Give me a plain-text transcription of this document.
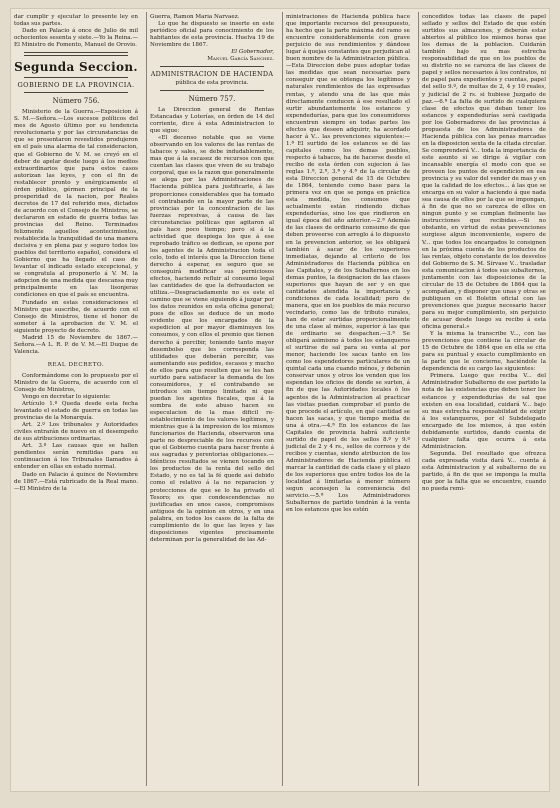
dar cumplir y ejecutar lo presente ley en todas sus partes.

Dado en Palacio á once de Julio de mil ochocientos sesenta y siete.—Yo la Reina.—El Ministro de Fomento, Manuel de Orovio.

Segunda Seccion.
GOBIERNO DE LA PROVINCIA.
Número 756.

Ministerio de la Guerra.—Exposicion á S. M.—Señora.—Los sucesos políticos del mes de Agosto último por su tendencia revolucionaria y por las circunstancias de que se presentaron revestidos produjeron en el país una alarma de tal consideracion, que el Gobierno de V. M. se creyó en el deber de apelar desde luego á los medios extraordinarios que para estos casos autorizan las leyes, y con el fin de restablecer pronto y enérgicamente el órden público, gérmen principal de la prosperidad de la nacion, por Reales decretos de 17 del referido mes, dictados de acuerdo con el Consejo de Ministros, se declararon en estado de guerra todas las provincias del Reino. Terminados felizmente aquellos acontecimientos, restablecida la tranquilidad de una manera decisiva y en plena paz y seguro todos los pueblos del territorio español, considera el Gobierno que ha llegado el caso de levantar el indicado estado excepcional, y se congratula al proponerlo á V. M. la adopcion de una medida que descansa muy principalmente en las lisonjeras condiciones en que el país se encuentra.

Fundado en estas consideraciones el Ministro que suscribe, de acuerdo con el Consejo de Ministros, tiene el honor de someter á la aprobacion de V. M. el siguiente proyecto de decreto.

Madrid 15 de Noviembre de 1867.—Señora.—A L. R. P. de V. M.—El Duque de Valencia.

REAL DECRETO.

Conformándome con lo propuesto por el Ministro de la Guerra, de acuerdo con el Consejo de Ministros,

Vengo en decretar lo siguiente:

Artículo 1.º Queda desde esta fecha levantado el estado de guerra en todas las provincias de la Monarquía.

Art. 2.º Los tribunales y Autoridades civiles entrarán de nuevo en el desempeño de sus atribuciones ordinarias.

Art. 3.º Las causas que se hallen pendientes serán remitidas para su continuacion á los Tribunales llamados á entender en ellas en estado normal.

Dado en Palacio á quince de Noviembre de 1867.—Está rubricado de la Real mano.—El Ministro de la

Guerra, Ramon María Narvaez.

Lo que he dispuesto se inserte en este periódico oficial para conocimiento de los habitantes de esta provincia. Huelva 19 de Noviembre de 1867.

El Gobernador,

Manuel García Sanchez.

ADMINISTRACION DE HACIENDA
pública de esta provincia.
Número 757.

La Direccion general de Rentas Estancadas y Loterías, en órden de 14 del corriente, dice á esta Administracion lo que sigue:

«El decenso notable que se viene observando en los valores de las rentas de tabacos y sales, se debe indudablemente, mas que á la escasez de recursos con que cuentan las clases que viven de su trabajo corporal, que es la razon que generalmente se alega por las Administraciones de Hacienda pública para justificarle, á las proporciones considerables que ha tomado el contrabando en la mayor parte de las provincias por la concentracion de las fuerzas represivas, á causa de las circunstancias políticas que agitaron al país hace poco tiempo; pero si á la actividad que despiega los que á ese reprobado tráfico se dedican, se opone por los agentes de la Administracion toda el celo, todo el interés que la Direccion tiene derecho á esperar, es seguro que se conseguirá modificar sus perniciosos efectos, haciendo refluir al consumo legal las cantidades de que la defraudacion se utiliza.—Desgraciadamente no es este el camino que se viene siguiendo á juzgar por los datos reunidos en esta oficina general; pues de ellos se deduce de un modo evidente que los encargados de la espedicion al por mayor disminuyen los consumos, y con ellos el premio que tienen derecho á percibir, teniendo tanto mayor desembolso que les corresponda las utilidades que deberán percibir, vas aumentando sus pedidos, escasos y mucho de ellos para que resulten que se les han surtido para satisfacer la demanda de los consumidores, y el contrabando se introduce sin tiempo limitado ni que puedan los agentes fiscales, que á la sombra de este abuso hacen su especulacion de la mas dificil re-establecimiento de los valores legítimos, y mientras que á la impresion de los mismos funcionarios de Hacienda, observaron una parte no despreciable de los recursos con que el Gobierno cuenta para hacer frente á sus sagradas y perentorias obligaciones.—Idénticos resultados se vienen tocando en los productos de la renta del sello del Estado, y no es tal la fé quede así debido como el relativo á la no reparacion y protecciones de que se lo ha privado el Tesoro; es que condescendencias no justificadas en unos casos, compromisos antiguos de la opinion en otros, y en una palabra, en todos los casos de la falta de cumplimiento de lo que las leyes y las disposiciones vigentes precisamente determinan por la generalidad de las Ad-

ministraciones de Hacienda pública hace que importante recursos del presupuesto, ha hecho que la parte máxima del ramo se encuentre considerablemente con grave perjuicio de sus rendimientos y dándose lugar á quejas constantes que perjudican al buen nombre de la Administracion pública.—Esta Direccion debe pues adoptar todas las medidas que sean necesarias para conseguir que se obtenga los legítimos y naturales rendimientos de las expresadas rentas, y atendo una de las que más directamente conducen á ese resultado el surtir abundantemente los estancos y expendedurías, para que los consumidores encuentren siempre en todas partes los efectos que deseen adquirir, ha acordado hacer á V... las prevenciones siguientes:—1.ª El surtido de los estancos se dé las capitales como los demas pueblos, respecto á tabacos, ha de hacerse desde el recibo de esta órden con sujecion á las reglas 1.ª, 2.ª, 3.ª y 4.ª de la circular de esta Direccion general de 15 de Octubre de 1864, teniendo como base para la primera vez en que se ponga en práctica esta medida, los consumos que actualmente están rindiendo dichas expendedurías, sino los que rindieron en igual época del año anterior.—2.ª Además de las clases de ordinario consumo de que deben proveerse con arreglo á lo dispuesto en la prevencion anterior, se les obligará también á sacar de los superiores inmediatas, dejando al criterio de los Administradores de Hacienda pública en las Capitales, y de los Subalternos en los demas puntos, la designacion de las clases superiores que hayan de ser y en que cantidades atendida la importancia y condiciones de cada localidad; pero de manera, que en los pueblos de más recurso vecindario, como las de tributo rurales, han de estar surtidas proporcionalmente de una clase al ménos, superior á las que de ordinario se despachen.—3.ª Se obligará asimismo á todos los estanqueros el surtirse de sal para su venta al por menor, haciendo los sacas tanto en los como los espendedores particulares de un quintal cada una cuando ménos, y deberán conservar unos y otros los venden que los espendan los oficios de donde se surten, á fin de que las Autoridades locales ó los agentes de la Administracion al practicar las visitas puedan comprobar el punto de que procede el artículo, en qué cantidad se hacen las sacas, y que tiempo media de una á otra.—4.ª En los estancos de las Capitales de provincia habrá suficiente surtido de papel de los sellos 8.º y 9.º judicial de 2 y 4 rs., sellos de correos y de recibos y cuentas, siendo atribucion de los Administradores de Hacienda pública el marcar la cantidad de cada clase y el plazo de los superiores que entre todos los de la localidad á limitarlas á menor número segun aconsejen la conveniencia del servicio.—5.ª Los Administradores Subalternos de partido tendrán á la venta en los estancos que les estén

concedidos todas las clases de papel sellado y sellos del Estado de que estén surtidos sus almacenes, y deberán estar abiertos al público los mismos horas que los demas de la poblacion. Cuidarán también bajo su mas estrecha responsabilidad de que en los pueblos de su distrito no se carezca de las clases de papel y sellos necesarios á los contratos, ni de papel para expedientes y cuentas, papel del sello 9.º, de multas de 2, 4 y 10 reales, y judicial de 2 rs. si hubiese Juzgado de paz.—6.ª La falta de surtido de cualquiera clase de efectos que deban tener los estancos y expendedurías será castigada por los Gobernadores de las provincias á propuesta de los Administradores de Hacienda pública con las penas marcadas en la disposicion sexta de la citada circular. Se comprenderá V... toda la importancia de este asunto si se dirige á vigilar con incansable energía el modo con que se proveen los puntos de espendicion en esa provincia y su valor del vender de mas y en que la calidad de los efectos... á las que se encarga en su valor a haciendo á que nada sea causa de ellos por la que se impongan, á fin de que no se carezca de ellos en ningun punto y se cumplan fielmente las instrucciones que recibidas.—Si no obstante, en virtud de estas prevenciones surgiese algun inconveniente, espero de V... que todos los encargados lo consignen en la próxima cuenta de los productos de las rentas, objeto constante de los desvelos del Gobierno de S. M. Sírvase V... trasladar esta comunicacion á todos sus subalternos, juntamente con las disposiciones de la circular de 15 de Octubre de 1864 que la acompañan, y disponer que unas y otras se publiquen en el Boletin oficial con las prevenciones que juzgue necesario hacer para su mejor cumplimiento, sin perjuicio de acusar desde luego su recibo á esta oficina general.»

Y la misma la transcribe V..., con las prevenciones que contiene la circular de 15 de Octubre de 1864 que en ella se cita para su puntual y exacto cumplimiento en la parte que le concierne, haciéndole la dependencia de su cargo las siguientes:

Primera. Luego que reciba V... del Administrador Subalterno de ese partido la nota de las existencias que deben tener los estancos y expendedurías de sal que existen en esa localidad, cuidará V... bajo su mas estrecha responsabilidad de exigir á los estanqueros, por el Subdelegado encargado de los mismos, á que estén debidamente surtidos, dando cuenta de cualquier falta que ocurra á esta Administracion.

Segunda. Del resultado que ofrezca cada expresada visita dará V... cuenta á esta Administracion y al subalterno de su partido, á fin de que se imponga la multa que por la falta que se encuentre, cuando no pueda remi-
